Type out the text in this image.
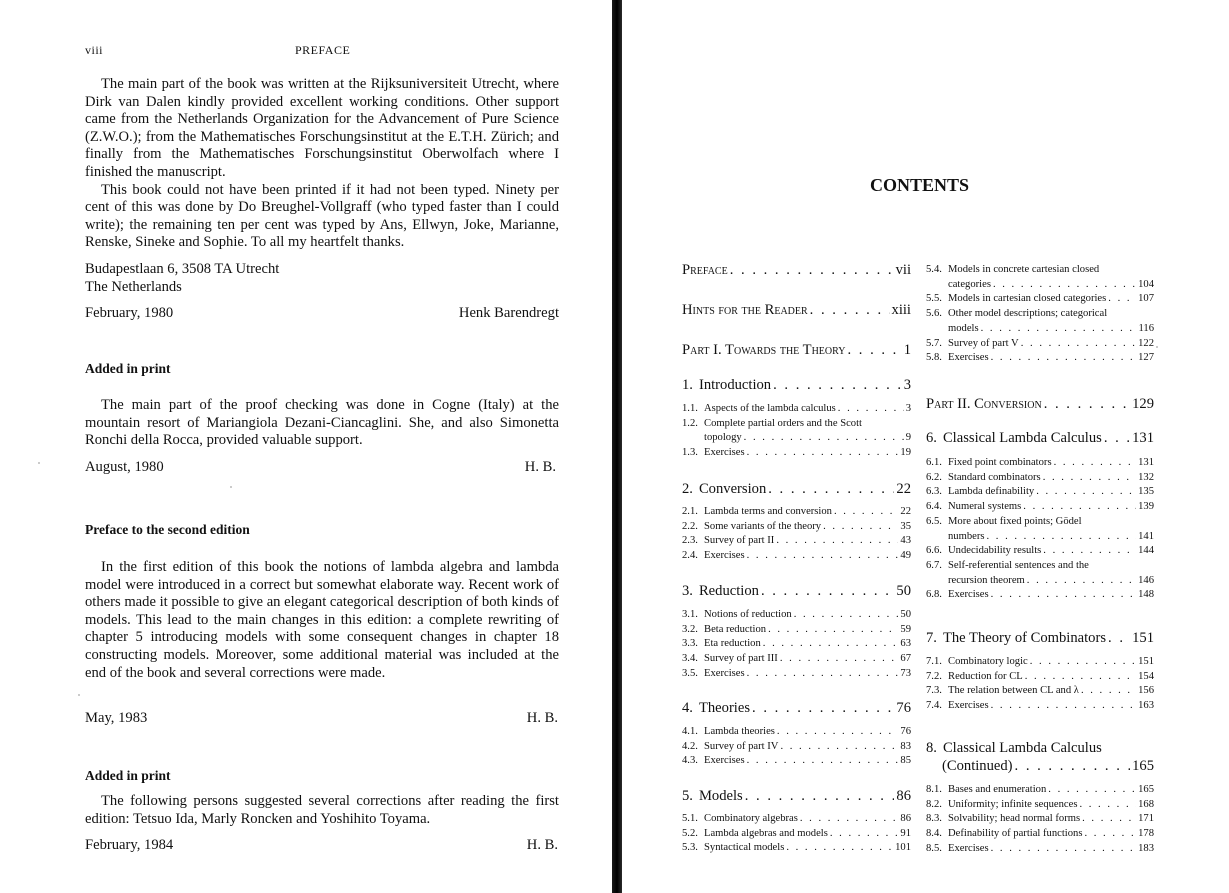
viii	PREFACE

The main part of the book was written at the Rijksuniversiteit Utrecht, where Dirk van Dalen kindly provided excellent working conditions. Other support came from the Netherlands Organization for the Advancement of Pure Science (Z.W.O.); from the Mathematisches Forschungsinstitut at the E.T.H. Zürich; and finally from the Mathematisches Forschungsinstitut Oberwolfach where I finished the manuscript.

This book could not have been printed if it had not been typed. Ninety per cent of this was done by Do Breughel-Vollgraff (who typed faster than I could write); the remaining ten per cent was typed by Ans, Ellwyn, Joke, Marianne, Renske, Sineke and Sophie. To all my heartfelt thanks.

Budapestlaan 6, 3508 TA Utrecht
The Netherlands
February, 1980	Henk Barendregt
Added in print

The main part of the proof checking was done in Cogne (Italy) at the mountain resort of Mariangiola Dezani-Ciancaglini. She, and also Simonetta Ronchi della Rocca, provided valuable support.

August, 1980	H. B.
Preface to the second edition

In the first edition of this book the notions of lambda algebra and lambda model were introduced in a correct but somewhat elaborate way. Recent work of others made it possible to give an elegant categorical description of both kinds of models. This lead to the main changes in this edition: a complete rewriting of chapter 5 introducing models with some consequent changes in chapter 18 constructing models. Moreover, some additional material was included at the end of the book and several corrections were made.

May, 1983	H. B.
Added in print

The following persons suggested several corrections after reading the first edition: Tetsuo Ida, Marly Roncken and Yoshihito Toyama.

February, 1984	H. B.
CONTENTS
Preface . . .	vii
Hints for the Reader . . .	xiii
Part I. Towards the Theory . . .	1
Part II. Conversion . . .	129
1. Introduction . . .	3
1.1. Aspects of the lambda calculus . . .	3
1.2. Complete partial orders and the Scott
topology . . .	9
1.3. Exercises . . .	19
2. Conversion . . .	22
2.1. Lambda terms and conversion . . .	22
2.2. Some variants of the theory . . .	35
2.3. Survey of part II . . .	43
2.4. Exercises . . .	49
3. Reduction . . .	50
3.1. Notions of reduction . . .	50
3.2. Beta reduction . . .	59
3.3. Eta reduction . . .	63
3.4. Survey of part III . . .	67
3.5. Exercises . . .	73
4. Theories . . .	76
4.1. Lambda theories . . .	76
4.2. Survey of part IV . . .	83
4.3. Exercises . . .	85
5. Models . . .	86
5.1. Combinatory algebras . . .	86
5.2. Lambda algebras and models . . .	91
5.3. Syntactical models . . .	101
5.4. Models in concrete cartesian closed
categories . . .	104
5.5. Models in cartesian closed categories . . .	107
5.6. Other model descriptions; categorical
models . . .	116
5.7. Survey of part V . . .	122
5.8. Exercises . . .	127
6. Classical Lambda Calculus . . . 131
6.1. Fixed point combinators . . .	131
6.2. Standard combinators . . .	132
6.3. Lambda definability . . .	135
6.4. Numeral systems . . .	139
6.5. More about fixed points; Gödel
numbers . . .	141
6.6. Undecidability results . . .	144
6.7. Self-referential sentences and the
recursion theorem . . .	146
6.8. Exercises . . .	148
7. The Theory of Combinators . . . 151
7.1. Combinatory logic . . .	151
7.2. Reduction for CL . . .	154
7.3. The relation between CL and λ . . .	156
7.4. Exercises . . .	163
8. Classical Lambda Calculus
(Continued) . . .	165
8.1. Bases and enumeration . . .	165
8.2. Uniformity; infinite sequences . . .	168
8.3. Solvability; head normal forms . . .	171
8.4. Definability of partial functions . . .	178
8.5. Exercises . . .	183
